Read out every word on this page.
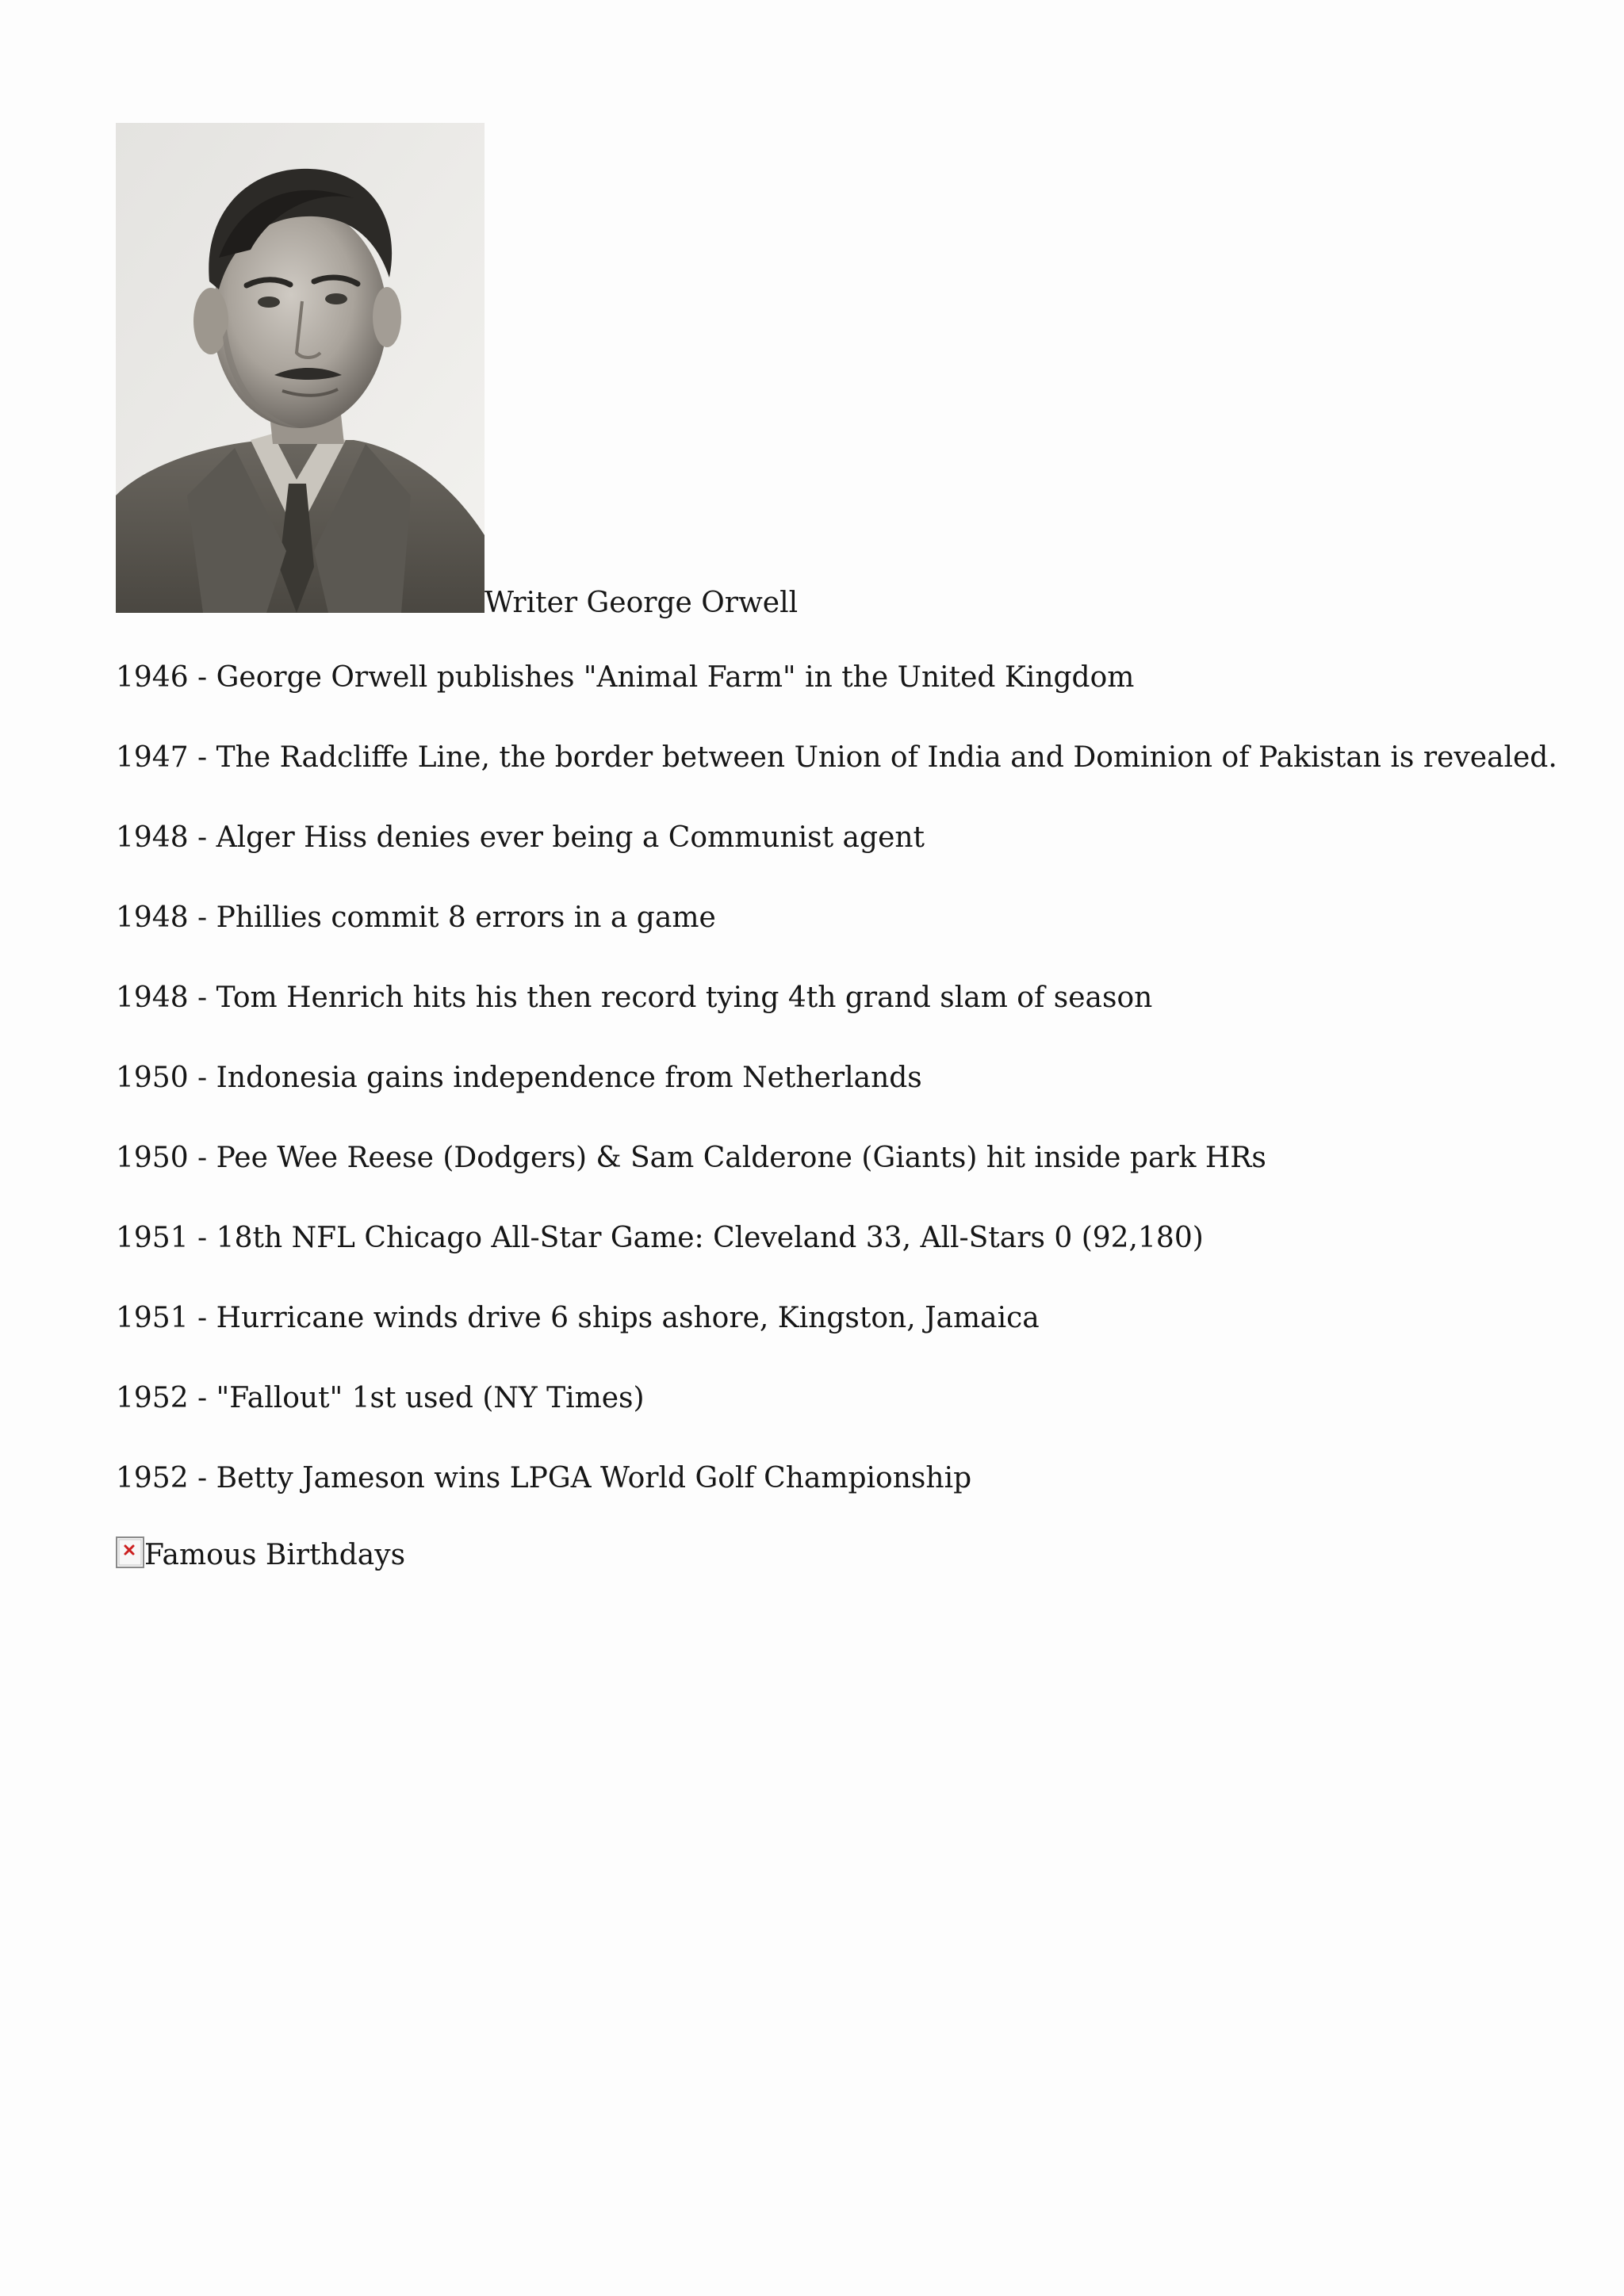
Writer George Orwell
1946 - George Orwell publishes "Animal Farm" in the United Kingdom
1947 - The Radcliffe Line, the border between Union of India and Dominion of Pakistan is revealed.
1948 - Alger Hiss denies ever being a Communist agent
1948 - Phillies commit 8 errors in a game
1948 - Tom Henrich hits his then record tying 4th grand slam of season
1950 - Indonesia gains independence from Netherlands
1950 - Pee Wee Reese (Dodgers) & Sam Calderone (Giants) hit inside park HRs
1951 - 18th NFL Chicago All-Star Game: Cleveland 33, All-Stars 0 (92,180)
1951 - Hurricane winds drive 6 ships ashore, Kingston, Jamaica
1952 - "Fallout" 1st used (NY Times)
1952 - Betty Jameson wins LPGA World Golf Championship
Famous Birthdays
